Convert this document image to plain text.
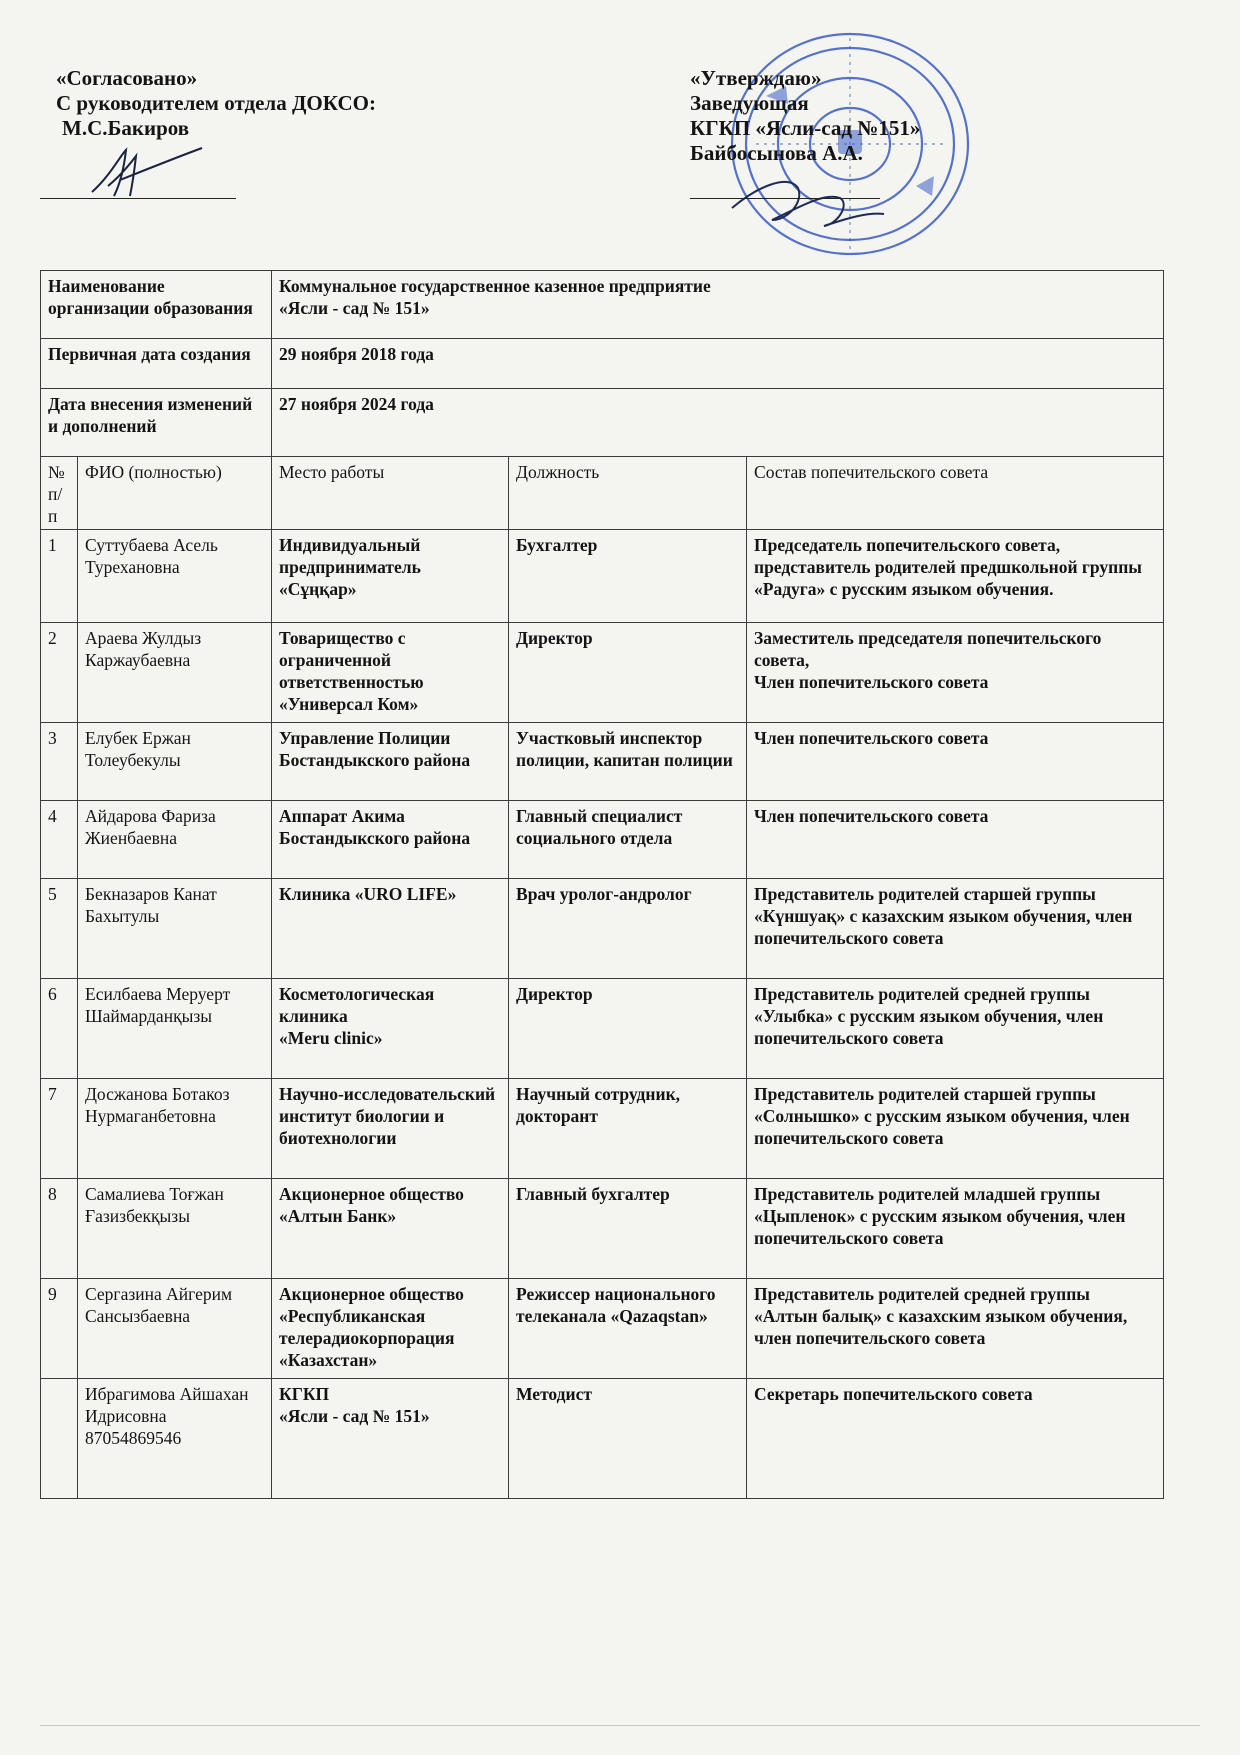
«Согласовано»
С руководителем отдела ДОКСО:
М.С.Бакиров
«Утверждаю»
Заведующая
КГКП «Ясли-сад №151»
Байбосынова А.А.
Наименование организации образования		Коммунальное государственное казенное предприятие
«Ясли - сад № 151»		
Первичная дата создания		29 ноября 2018 года		
Дата внесения изменений и дополнений		27 ноября 2024 года		
№ п/п	ФИО (полностью)	Место работы	Должность	Состав попечительского совета
1	Суттубаева Асель Турехановна	Индивидуальный предприниматель «Сұңқар»	Бухгалтер	Председатель попечительского совета, представитель родителей предшкольной группы «Радуга» с русским языком обучения.
2	Араева Жулдыз Каржаубаевна	Товарищество с ограниченной ответственностью «Универсал Ком»	Директор	Заместитель председателя попечительского совета,
Член попечительского совета
3	Елубек Ержан Толеубекулы	Управление Полиции Бостандыкского района	Участковый инспектор полиции, капитан полиции	Член попечительского совета
4	Айдарова Фариза Жиенбаевна	Аппарат Акима Бостандыкского района	Главный специалист социального отдела	Член попечительского совета
5	Бекназаров Канат Бахытулы	Клиника «URO LIFE»	Врач уролог-андролог	Представитель родителей старшей группы «Күншуақ» с казахским языком обучения, член попечительского совета
6	Есилбаева Меруерт Шаймарданқызы	Косметологическая клиника
«Meru clinic»	Директор	Представитель родителей средней группы «Улыбка» с русским языком обучения, член попечительского совета
7	Досжанова Ботакоз Нурмаганбетовна	Научно-исследовательский институт биологии и биотехнологии	Научный сотрудник, докторант	Представитель родителей старшей группы «Солнышко» с русским языком обучения, член попечительского совета
8	Самалиева Тоғжан Ғазизбекқызы	Акционерное общество
«Алтын Банк»	Главный бухгалтер	Представитель родителей младшей группы «Цыпленок» с русским языком обучения, член попечительского совета
9	Сергазина Айгерим Сансызбаевна	Акционерное общество «Республиканская телерадиокорпорация «Казахстан»	Режиссер национального телеканала «Qazaqstan»	Представитель родителей средней группы «Алтын балық» с казахским языком обучения, член попечительского совета
	Ибрагимова Айшахан Идрисовна 87054869546	КГКП
«Ясли - сад № 151»	Методист	Секретарь попечительского совета
